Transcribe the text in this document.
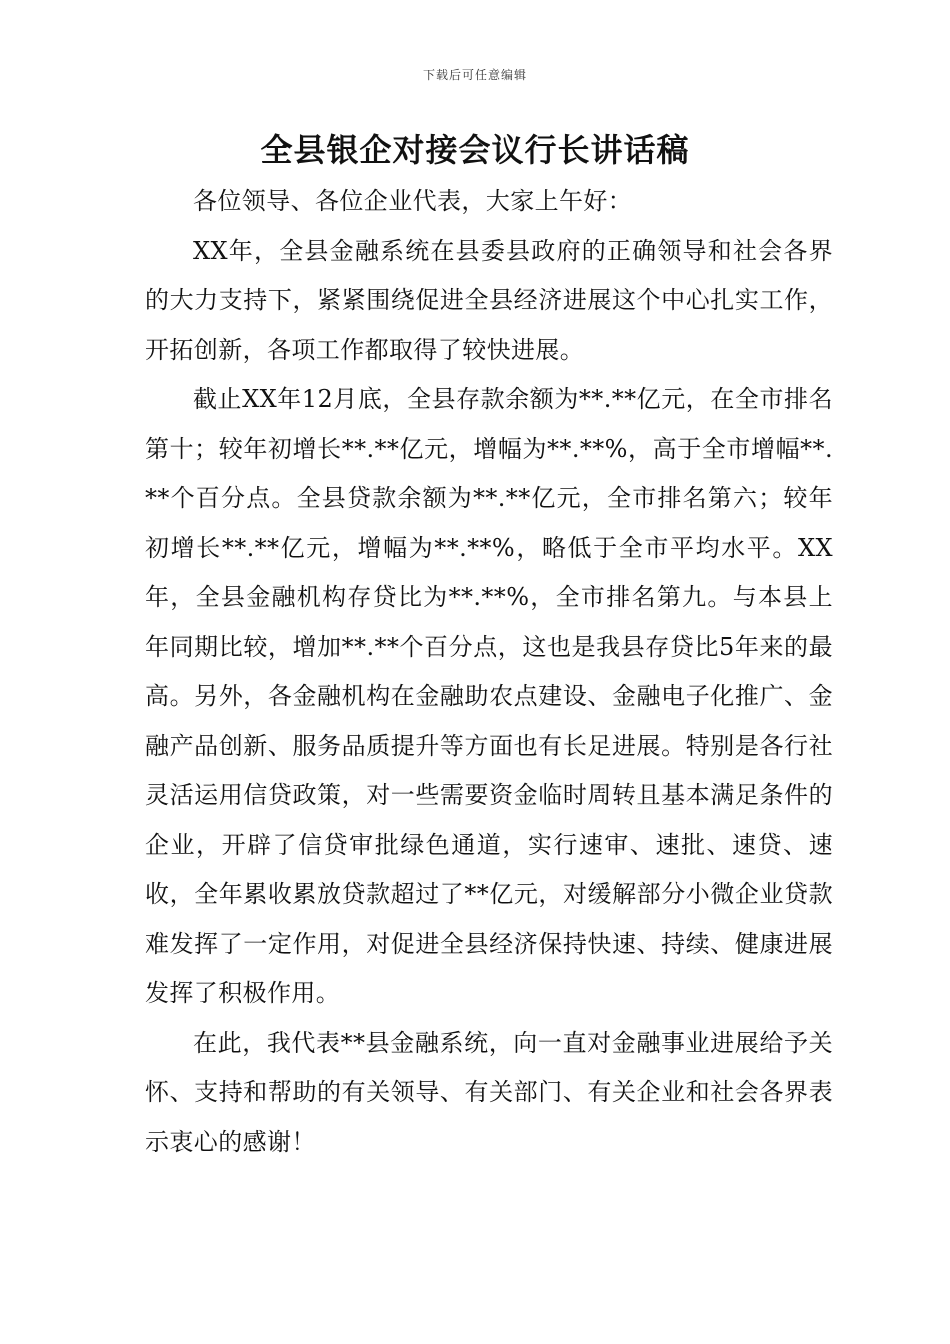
下载后可任意编辑
全县银企对接会议行长讲话稿

各位领导、各位企业代表，大家上午好：

XX年，全县金融系统在县委县政府的正确领导和社会各界的大力支持下，紧紧围绕促进全县经济进展这个中心扎实工作，开拓创新，各项工作都取得了较快进展。

截止XX年12月底，全县存款余额为**.**亿元，在全市排名第十；较年初增长**.**亿元，增幅为**.**%，高于全市增幅**.**个百分点。全县贷款余额为**.**亿元，全市排名第六；较年初增长**.**亿元，增幅为**.**%，略低于全市平均水平。XX年，全县金融机构存贷比为**.**%，全市排名第九。与本县上年同期比较，增加**.**个百分点，这也是我县存贷比5年来的最高。另外，各金融机构在金融助农点建设、金融电子化推广、金融产品创新、服务品质提升等方面也有长足进展。特别是各行社灵活运用信贷政策，对一些需要资金临时周转且基本满足条件的企业，开辟了信贷审批绿色通道，实行速审、速批、速贷、速收，全年累收累放贷款超过了**亿元，对缓解部分小微企业贷款难发挥了一定作用，对促进全县经济保持快速、持续、健康进展发挥了积极作用。

在此，我代表**县金融系统，向一直对金融事业进展给予关怀、支持和帮助的有关领导、有关部门、有关企业和社会各界表示衷心的感谢！
